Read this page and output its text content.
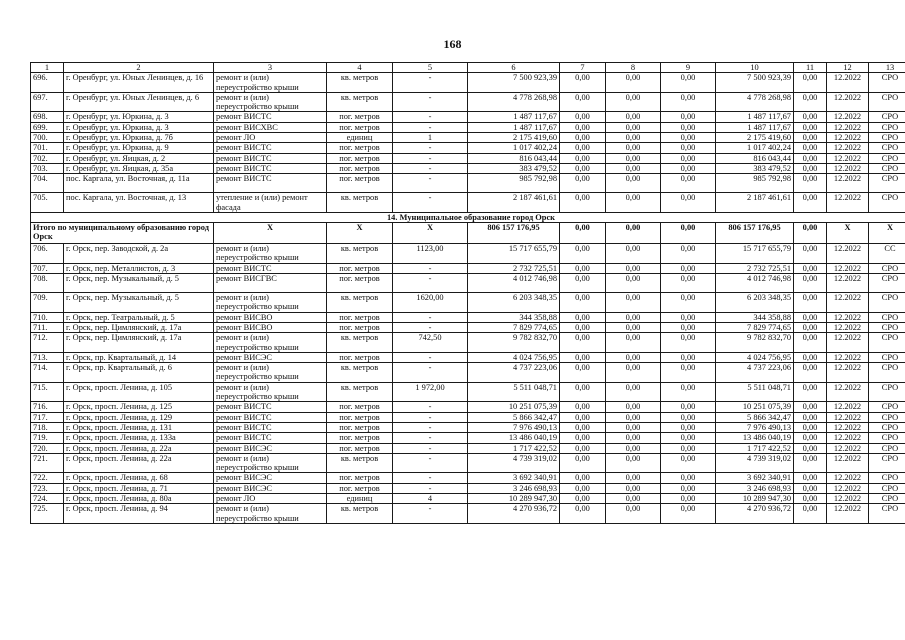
168
1	2	3	4	5	6	7	8	9	10	11	12	13
696.	г. Оренбург, ул. Юных Ленинцев, д. 16	ремонт и (или) переустройство крыши	кв. метров	-	7 500 923,39	0,00	0,00	0,00	7 500 923,39	0,00	12.2022	СРО
697.	г. Оренбург, ул. Юных Ленинцев, д. 6	ремонт и (или) переустройство крыши	кв. метров	-	4 778 268,98	0,00	0,00	0,00	4 778 268,98	0,00	12.2022	СРО
698.	г. Оренбург, ул. Юркина, д. 3	ремонт ВИСТС	пог. метров	-	1 487 117,67	0,00	0,00	0,00	1 487 117,67	0,00	12.2022	СРО
699.	г. Оренбург, ул. Юркина, д. 3	ремонт ВИСХВС	пог. метров	-	1 487 117,67	0,00	0,00	0,00	1 487 117,67	0,00	12.2022	СРО
700.	г. Оренбург, ул. Юркина, д. 7б	ремонт ЛО	единиц	1	2 175 419,60	0,00	0,00	0,00	2 175 419,60	0,00	12.2022	СРО
701.	г. Оренбург, ул. Юркина, д. 9	ремонт ВИСТС	пог. метров	-	1 017 402,24	0,00	0,00	0,00	1 017 402,24	0,00	12.2022	СРО
702.	г. Оренбург, ул. Яицкая, д. 2	ремонт ВИСТС	пог. метров	-	816 043,44	0,00	0,00	0,00	816 043,44	0,00	12.2022	СРО
703.	г. Оренбург, ул. Яицкая, д. 35а	ремонт ВИСТС	пог. метров	-	383 479,52	0,00	0,00	0,00	383 479,52	0,00	12.2022	СРО
704.	пос. Каргала, ул. Восточная, д. 11а	ремонт ВИСТС	пог. метров	-	985 792,98	0,00	0,00	0,00	985 792,98	0,00	12.2022	СРО
705.	пос. Каргала, ул. Восточная, д. 13	утепление и (или) ремонт фасада	кв. метров	-	2 187 461,61	0,00	0,00	0,00	2 187 461,61	0,00	12.2022	СРО
14. Муниципальное образование город Орск												
Итого по муниципальному образованию город Орск		X	X	X	806 157 176,95	0,00	0,00	0,00	806 157 176,95	0,00	X	X
706.	г. Орск, пер. Заводской, д. 2а	ремонт и (или) переустройство крыши	кв. метров	1123,00	15 717 655,79	0,00	0,00	0,00	15 717 655,79	0,00	12.2022	СС
707.	г. Орск, пер. Металлистов, д. 3	ремонт ВИСТС	пог. метров	-	2 732 725,51	0,00	0,00	0,00	2 732 725,51	0,00	12.2022	СРО
708.	г. Орск, пер. Музыкальный, д. 5	ремонт ВИСГВС	пог. метров	-	4 012 746,98	0,00	0,00	0,00	4 012 746,98	0,00	12.2022	СРО
709.	г. Орск, пер. Музыкальный, д. 5	ремонт и (или) переустройство крыши	кв. метров	1620,00	6 203 348,35	0,00	0,00	0,00	6 203 348,35	0,00	12.2022	СРО
710.	г. Орск, пер. Театральный, д. 5	ремонт ВИСВО	пог. метров	-	344 358,88	0,00	0,00	0,00	344 358,88	0,00	12.2022	СРО
711.	г. Орск, пер. Цимлянский, д. 17а	ремонт ВИСВО	пог. метров	-	7 829 774,65	0,00	0,00	0,00	7 829 774,65	0,00	12.2022	СРО
712.	г. Орск, пер. Цимлянский, д. 17а	ремонт и (или) переустройство крыши	кв. метров	742,50	9 782 832,70	0,00	0,00	0,00	9 782 832,70	0,00	12.2022	СРО
713.	г. Орск, пр. Квартальный, д. 14	ремонт ВИСЭС	пог. метров	-	4 024 756,95	0,00	0,00	0,00	4 024 756,95	0,00	12.2022	СРО
714.	г. Орск, пр. Квартальный, д. 6	ремонт и (или) переустройство крыши	кв. метров	-	4 737 223,06	0,00	0,00	0,00	4 737 223,06	0,00	12.2022	СРО
715.	г. Орск, просп. Ленина, д. 105	ремонт и (или) переустройство крыши	кв. метров	1 972,00	5 511 048,71	0,00	0,00	0,00	5 511 048,71	0,00	12.2022	СРО
716.	г. Орск, просп. Ленина, д. 125	ремонт ВИСТС	пог. метров	-	10 251 075,39	0,00	0,00	0,00	10 251 075,39	0,00	12.2022	СРО
717.	г. Орск, просп. Ленина, д. 129	ремонт ВИСТС	пог. метров	-	5 866 342,47	0,00	0,00	0,00	5 866 342,47	0,00	12.2022	СРО
718.	г. Орск, просп. Ленина, д. 131	ремонт ВИСТС	пог. метров	-	7 976 490,13	0,00	0,00	0,00	7 976 490,13	0,00	12.2022	СРО
719.	г. Орск, просп. Ленина, д. 133а	ремонт ВИСТС	пог. метров	-	13 486 040,19	0,00	0,00	0,00	13 486 040,19	0,00	12.2022	СРО
720.	г. Орск, просп. Ленина, д. 22а	ремонт ВИСЭС	пог. метров	-	1 717 422,52	0,00	0,00	0,00	1 717 422,52	0,00	12.2022	СРО
721.	г. Орск, просп. Ленина, д. 22а	ремонт и (или) переустройство крыши	кв. метров	-	4 739 319,02	0,00	0,00	0,00	4 739 319,02	0,00	12.2022	СРО
722.	г. Орск, просп. Ленина, д. 68	ремонт ВИСЭС	пог. метров	-	3 692 340,91	0,00	0,00	0,00	3 692 340,91	0,00	12.2022	СРО
723.	г. Орск, просп. Ленина, д. 71	ремонт ВИСЭС	пог. метров	-	3 246 698,93	0,00	0,00	0,00	3 246 698,93	0,00	12.2022	СРО
724.	г. Орск, просп. Ленина, д. 80а	ремонт ЛО	единиц	4	10 289 947,30	0,00	0,00	0,00	10 289 947,30	0,00	12.2022	СРО
725.	г. Орск, просп. Ленина, д. 94	ремонт и (или) переустройство крыши	кв. метров	-	4 270 936,72	0,00	0,00	0,00	4 270 936,72	0,00	12.2022	СРО
